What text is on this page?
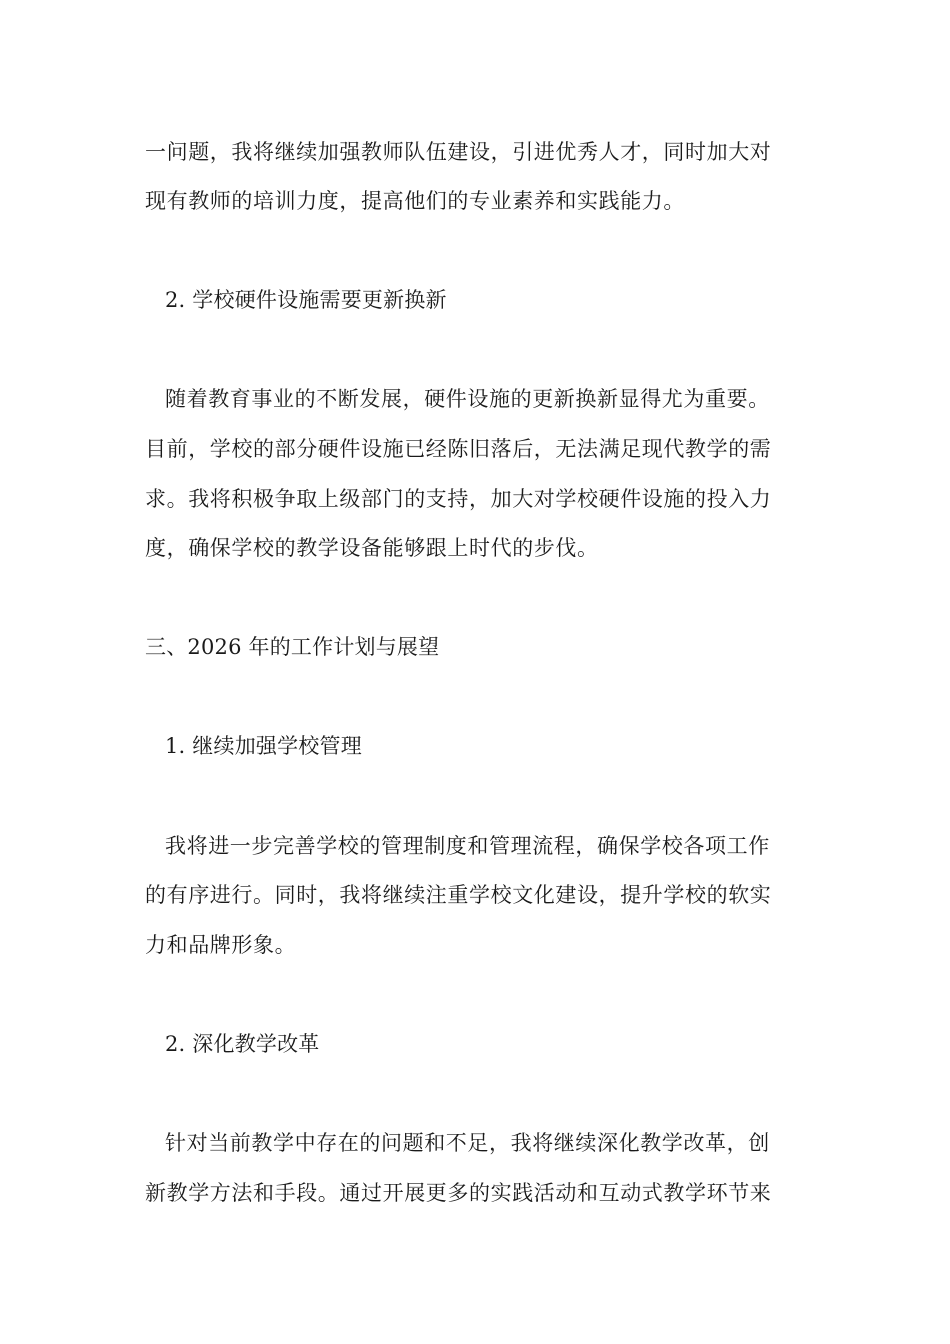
一问题，我将继续加强教师队伍建设，引进优秀人才，同时加大对
现有教师的培训力度，提高他们的专业素养和实践能力。
2. 学校硬件设施需要更新换新
随着教育事业的不断发展，硬件设施的更新换新显得尤为重要。
目前，学校的部分硬件设施已经陈旧落后，无法满足现代教学的需
求。我将积极争取上级部门的支持，加大对学校硬件设施的投入力
度，确保学校的教学设备能够跟上时代的步伐。
三、2026 年的工作计划与展望
1. 继续加强学校管理
我将进一步完善学校的管理制度和管理流程，确保学校各项工作
的有序进行。同时，我将继续注重学校文化建设，提升学校的软实
力和品牌形象。
2. 深化教学改革
针对当前教学中存在的问题和不足，我将继续深化教学改革，创
新教学方法和手段。通过开展更多的实践活动和互动式教学环节来
